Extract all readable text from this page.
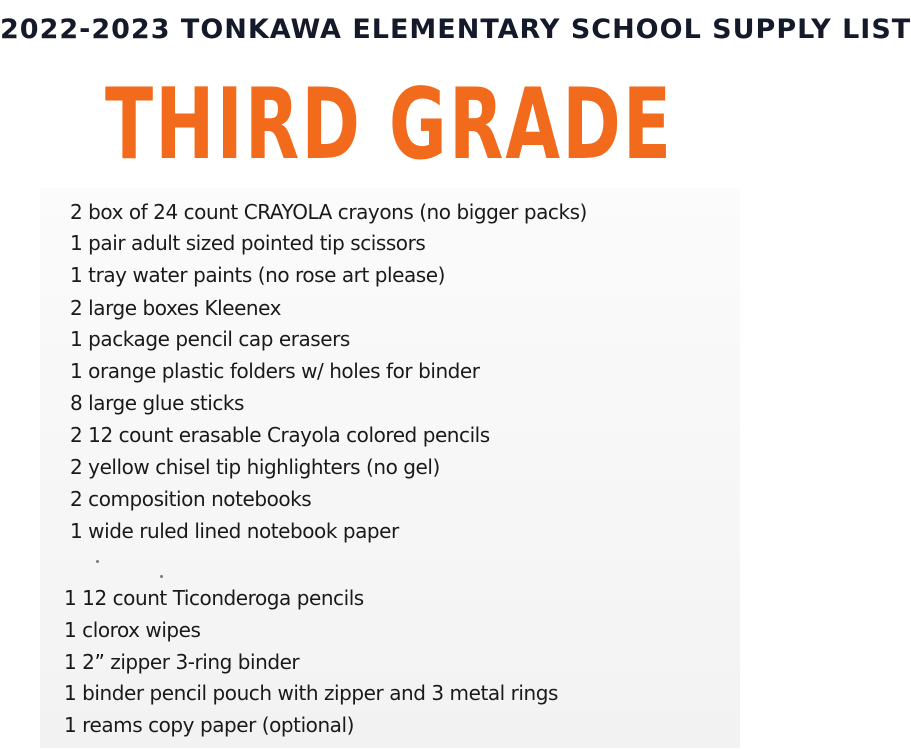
2022-2023 TONKAWA ELEMENTARY SCHOOL SUPPLY LIST
THIRD GRADE
2 box of 24 count CRAYOLA crayons (no bigger packs)
1 pair adult sized pointed tip scissors
1 tray water paints (no rose art please)
2 large boxes Kleenex
1 package pencil cap erasers
1 orange plastic folders w/ holes for binder
8 large glue sticks
2 12 count erasable Crayola colored pencils
2 yellow chisel tip highlighters (no gel)
2 composition notebooks
1 wide ruled lined notebook paper
1 12 count Ticonderoga pencils
1 clorox wipes
1 2” zipper 3-ring binder
1 binder pencil pouch with zipper and 3 metal rings
1 reams copy paper (optional)
